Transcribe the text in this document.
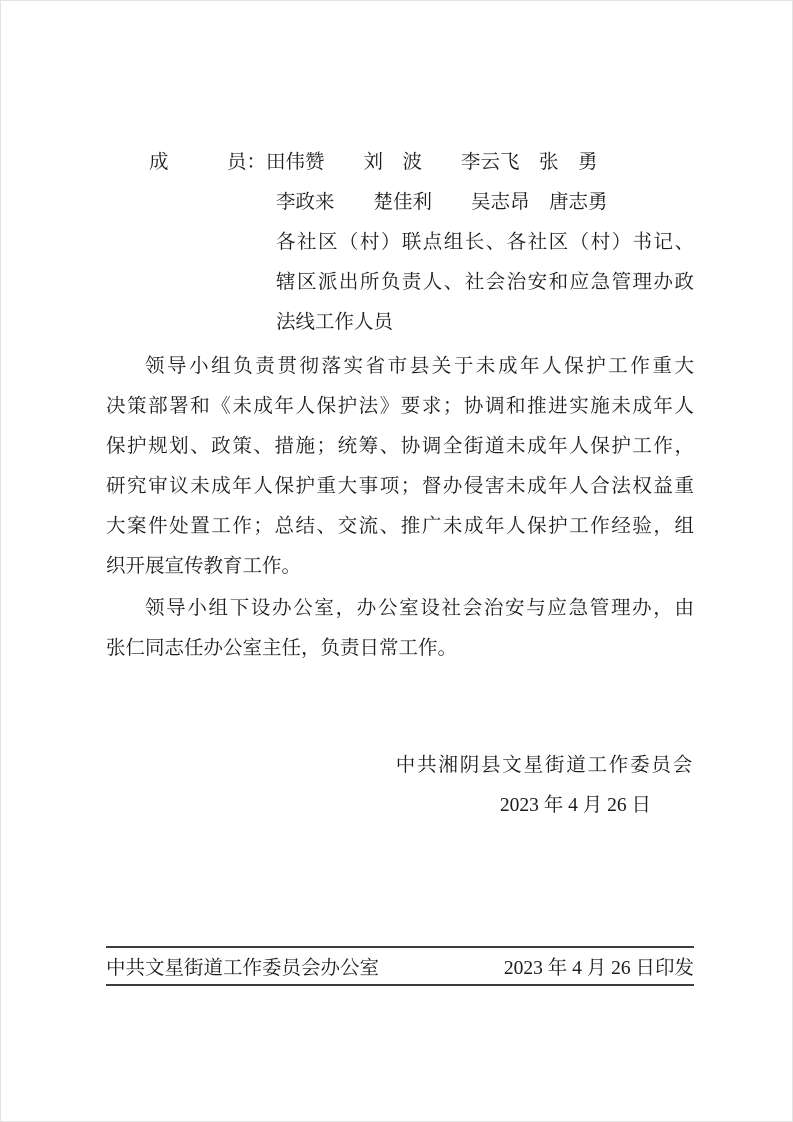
成　　　员：田伟赞　　刘　波　　李云飞　张　勇
李政来　　楚佳利　　吴志昂　唐志勇
各社区（村）联点组长、各社区（村）书记、
辖区派出所负责人、社会治安和应急管理办政
法线工作人员
领导小组负责贯彻落实省市县关于未成年人保护工作重大
决策部署和《未成年人保护法》要求；协调和推进实施未成年人
保护规划、政策、措施；统筹、协调全街道未成年人保护工作，
研究审议未成年人保护重大事项；督办侵害未成年人合法权益重
大案件处置工作；总结、交流、推广未成年人保护工作经验，组
织开展宣传教育工作。
领导小组下设办公室，办公室设社会治安与应急管理办，由
张仁同志任办公室主任，负责日常工作。
中共湘阴县文星街道工作委员会
2023 年 4 月 26 日
中共文星街道工作委员会办公室	2023 年 4 月 26 日印发
